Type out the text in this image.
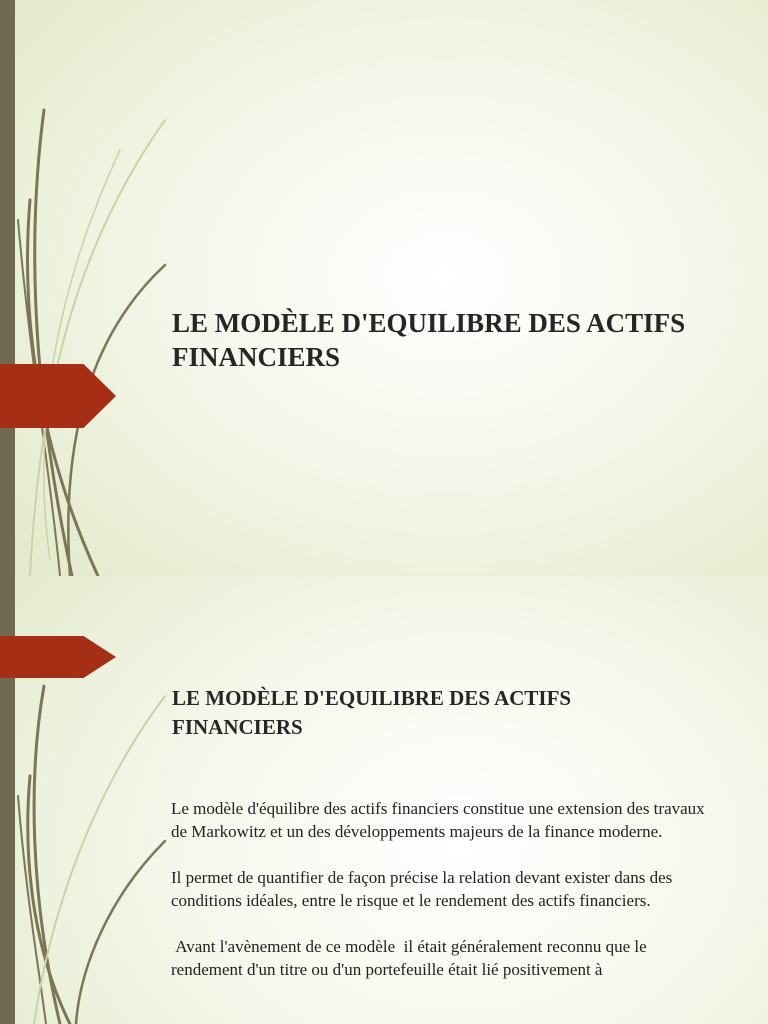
LE MODÈLE D'EQUILIBRE DES ACTIFS FINANCIERS
LE MODÈLE D'EQUILIBRE DES ACTIFS FINANCIERS

Le modèle d'équilibre des actifs financiers constitue une extension des travaux de Markowitz et un des développements majeurs de la finance moderne.

Il permet de quantifier de façon précise la relation devant exister dans des conditions idéales, entre le risque et le rendement des actifs financiers.

Avant l'avènement de ce modèle  il était généralement reconnu que le rendement d'un titre ou d'un portefeuille était lié positivement à
